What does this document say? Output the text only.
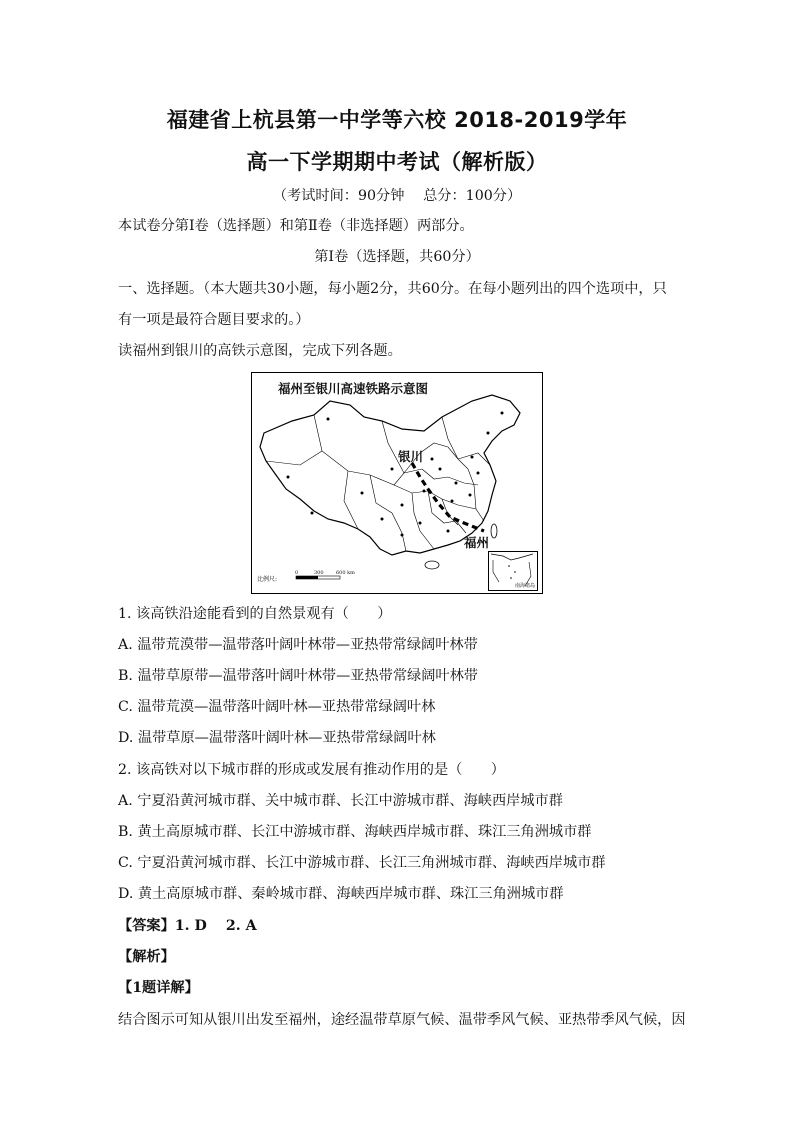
福建省上杭县第一中学等六校 2018-2019学年
高一下学期期中考试（解析版）
（考试时间：90分钟　 总分：100分）
本试卷分第Ⅰ卷（选择题）和第Ⅱ卷（非选择题）两部分。
第Ⅰ卷（选择题，共60分）
一、选择题。（本大题共30小题，每小题2分，共60分。在每小题列出的四个选项中，只
有一项是最符合题目要求的。）
读福州到银川的高铁示意图，完成下列各题。
福州至银川高速铁路示意图
银川
福州
比例尺:
0	300 600 km
南海诸岛
1. 该高铁沿途能看到的自然景观有（　　）
A. 温带荒漠带—温带落叶阔叶林带—亚热带常绿阔叶林带
B. 温带草原带—温带落叶阔叶林带—亚热带常绿阔叶林带
C. 温带荒漠—温带落叶阔叶林—亚热带常绿阔叶林
D. 温带草原—温带落叶阔叶林—亚热带常绿阔叶林
2. 该高铁对以下城市群的形成或发展有推动作用的是（　　）
A. 宁夏沿黄河城市群、关中城市群、长江中游城市群、海峡西岸城市群
B. 黄土高原城市群、长江中游城市群、海峡西岸城市群、珠江三角洲城市群
C. 宁夏沿黄河城市群、长江中游城市群、长江三角洲城市群、海峡西岸城市群
D. 黄土高原城市群、秦岭城市群、海峡西岸城市群、珠江三角洲城市群
【答案】1. D　 2. A
【解析】
【1题详解】
结合图示可知从银川出发至福州，途经温带草原气候、温带季风气候、亚热带季风气候，因
